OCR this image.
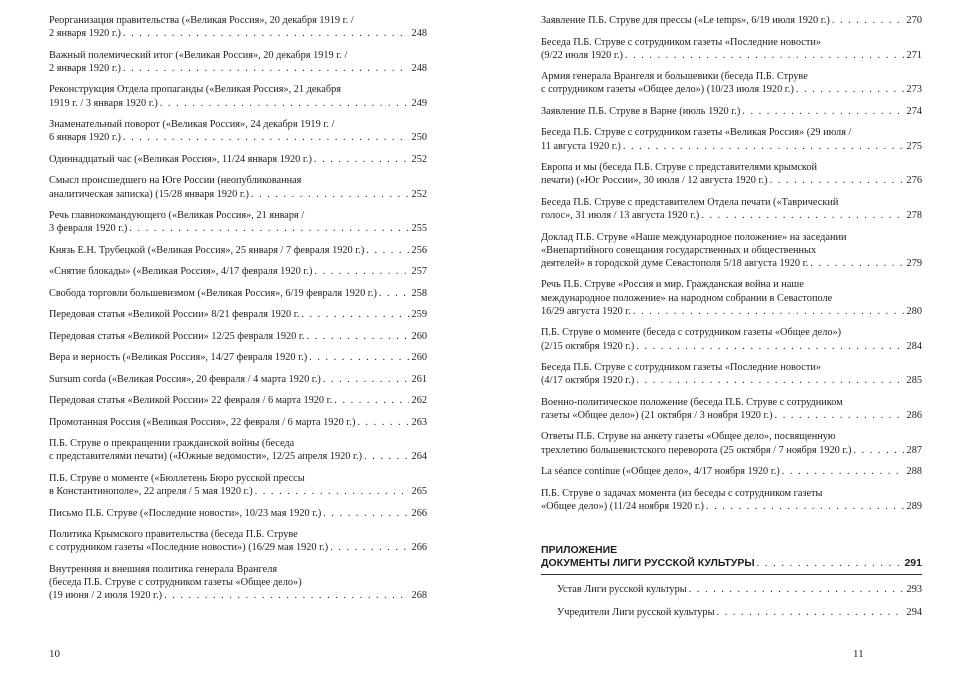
Реорганизация правительства («Великая Россия», 20 декабря 1919 г. /
2 января 1920 г.) . . .	248
Важный полемический итог («Великая Россия», 20 декабря 1919 г. /
2 января 1920 г.) . . .	248
Реконструкция Отдела пропаганды («Великая Россия», 21 декабря
1919 г. / 3 января 1920 г.) . . .	249
Знаменательный поворот («Великая Россия», 24 декабря 1919 г. /
6 января 1920 г.) . . .	250
Одиннадцатый час («Великая Россия», 11/24 января 1920 г.) . . .	252
Смысл происшедшего на Юге России (неопубликованная
аналитическая записка) (15/28 января 1920 г.) . . .	252
Речь главнокомандующего («Великая Россия», 21 января /
3 февраля 1920 г.) . . .	255
Князь Е.Н. Трубецкой («Великая Россия», 25 января / 7 февраля 1920 г.) . . .	256
«Снятие блокады» («Великая Россия», 4/17 февраля 1920 г.) . . .	257
Свобода торговли большевизмом («Великая Россия», 6/19 февраля 1920 г.) . . .	258
Передовая статья «Великой России» 8/21 февраля 1920 г. . . .	259
Передовая статья «Великой России» 12/25 февраля 1920 г. . . .	260
Вера и верность («Великая Россия», 14/27 февраля 1920 г.) . . .	260
Sursum corda («Великая Россия», 20 февраля / 4 марта 1920 г.) . . .	261
Передовая статья «Великой России» 22 февраля / 6 марта 1920 г. . . .	262
Промотанная Россия («Великая Россия», 22 февраля / 6 марта 1920 г.) . . .	263
П.Б. Струве о прекращении гражданской войны (беседа
с представителями печати) («Южные ведомости», 12/25 апреля 1920 г.) . . .	264
П.Б. Струве о моменте («Бюллетень Бюро русской прессы
в Константинополе», 22 апреля / 5 мая 1920 г.) . . .	265
Письмо П.Б. Струве («Последние новости», 10/23 мая 1920 г.) . . .	266
Политика Крымского правительства (беседа П.Б. Струве
с сотрудником газеты «Последние новости») (16/29 мая 1920 г.) . . .	266
Внутренняя и внешняя политика генерала Врангеля
(беседа П.Б. Струве с сотрудником газеты «Общее дело»)
(19 июня / 2 июля 1920 г.) . . .	268
10
Заявление П.Б. Струве для прессы («Le temps», 6/19 июля 1920 г.) . . .	270
Беседа П.Б. Струве с сотрудником газеты «Последние новости»
(9/22 июля 1920 г.) . . .	271
Армия генерала Врангеля и большевики (беседа П.Б. Струве
с сотрудником газеты «Общее дело») (10/23 июля 1920 г.) . . .	273
Заявление П.Б. Струве в Варне (июль 1920 г.) . . .	274
Беседа П.Б. Струве с сотрудником газеты «Великая Россия» (29 июля /
11 августа 1920 г.) . . .	275
Европа и мы (беседа П.Б. Струве с представителями крымской
печати) («Юг России», 30 июля / 12 августа 1920 г.) . . .	276
Беседа П.Б. Струве с представителем Отдела печати («Таврический
голос», 31 июля / 13 августа 1920 г.) . . .	278
Доклад П.Б. Струве «Наше международное положение» на заседании
«Внепартийного совещания государственных и общественных
деятелей» в городской думе Севастополя 5/18 августа 1920 г. . . .	279
Речь П.Б. Струве «Россия и мир. Гражданская война и наше
международное положение» на народном собрании в Севастополе
16/29 августа 1920 г. . . .	280
П.Б. Струве о моменте (беседа с сотрудником газеты «Общее дело»)
(2/15 октября 1920 г.) . . .	284
Беседа П.Б. Струве с сотрудником газеты «Последние новости»
(4/17 октября 1920 г.) . . .	285
Военно-политическое положение (беседа П.Б. Струве с сотрудником
газеты «Общее дело») (21 октября / 3 ноября 1920 г.) . . .	286
Ответы П.Б. Струве на анкету газеты «Общее дело», посвященную
трехлетию большевистского переворота (25 октября / 7 ноября 1920 г.) . . .	287
La séance continue («Общее дело», 4/17 ноября 1920 г.) . . .	288
П.Б. Струве о задачах момента (из беседы с сотрудником газеты
«Общее дело») (11/24 ноября 1920 г.) . . .	289
ПРИЛОЖЕНИЕ
ДОКУМЕНТЫ ЛИГИ РУССКОЙ КУЛЬТУРЫ . . .	291
Устав Лиги русской культуры . . .	293
Учредители Лиги русской культуры . . .	294
11
